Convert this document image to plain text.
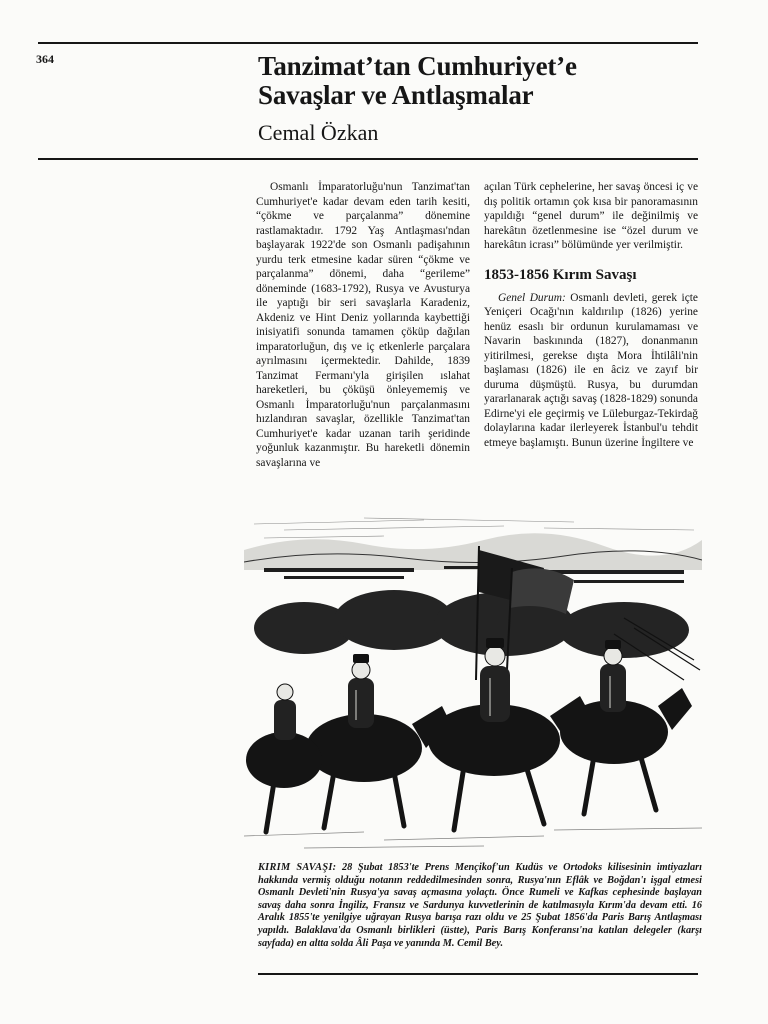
364	Tanzimat’tan Cumhuriyet’e
Savaşlar ve Antlaşmalar
Cemal Özkan

Osmanlı İmparatorluğu'nun Tanzimat'tan Cumhuriyet'e kadar devam eden tarih kesiti, “çökme ve parçalanma” dönemine rastlamaktadır. 1792 Yaş Antlaşması'ndan başlayarak 1922'de son Osmanlı padişahının yurdu terk etmesine kadar süren “çökme ve parçalanma” dönemi, daha “gerileme” döneminde (1683-1792), Rusya ve Avusturya ile yaptığı bir seri savaşlarla Karadeniz, Akdeniz ve Hint Deniz yollarında kaybettiği inisiyatifi sonunda tamamen çöküp dağılan imparatorluğun, dış ve iç etkenlerle parçalara ayrılmasını içermektedir. Dahilde, 1839 Tanzimat Fermanı'yla girişilen ıslahat hareketleri, bu çöküşü önleyememiş ve Osmanlı İmparatorluğu'nun parçalanmasını hızlandıran savaşlar, özellikle Tanzimat'tan Cumhuriyet'e kadar uzanan tarih şeridinde yoğunluk kazanmıştır. Bu hareketli dönemin savaşlarına ve

açılan Türk cephelerine, her savaş öncesi iç ve dış politik ortamın çok kısa bir panoramasının yapıldığı “genel durum” ile değinilmiş ve harekâtın özetlenmesine ise “özel durum ve harekâtın icrası” bölümünde yer verilmiştir.

1853-1856 Kırım Savaşı

Genel Durum: Osmanlı devleti, gerek içte Yeniçeri Ocağı'nın kaldırılıp (1826) yerine henüz esaslı bir ordunun kurulamaması ve Navarin baskınında (1827), donanmanın yitirilmesi, gerekse dışta Mora İhtilâli'nin başlaması (1826) ile en âciz ve zayıf bir duruma düşmüştü. Rusya, bu durumdan yararlanarak açtığı savaş (1828-1829) sonunda Edirne'yi ele geçirmiş ve Lüleburgaz-Tekirdağ dolaylarına kadar ilerleyerek İstanbul'u tehdit etmeye başlamıştı. Bunun üzerine İngiltere ve

KIRIM SAVAŞI: 28 Şubat 1853'te Prens Mençikof'un Kudüs ve Ortodoks kilisesinin imtiyazları hakkında vermiş olduğu notanın reddedilmesinden sonra, Rusya'nın Eflâk ve Boğdan'ı işgal etmesi Osmanlı Devleti'nin Rusya'ya savaş açmasına yolaçtı. Önce Rumeli ve Kafkas cephesinde başlayan savaş daha sonra İngiliz, Fransız ve Sardunya kuvvetlerinin de katılmasıyla Kırım'da devam etti. 16 Aralık 1855'te yenilgiye uğrayan Rusya barışa razı oldu ve 25 Şubat 1856'da Paris Barış Antlaşması yapıldı. Balaklava'da Osmanlı birlikleri (üstte), Paris Barış Konferansı'na katılan delegeler (karşı sayfada) en altta solda Âli Paşa ve yanında M. Cemil Bey.
